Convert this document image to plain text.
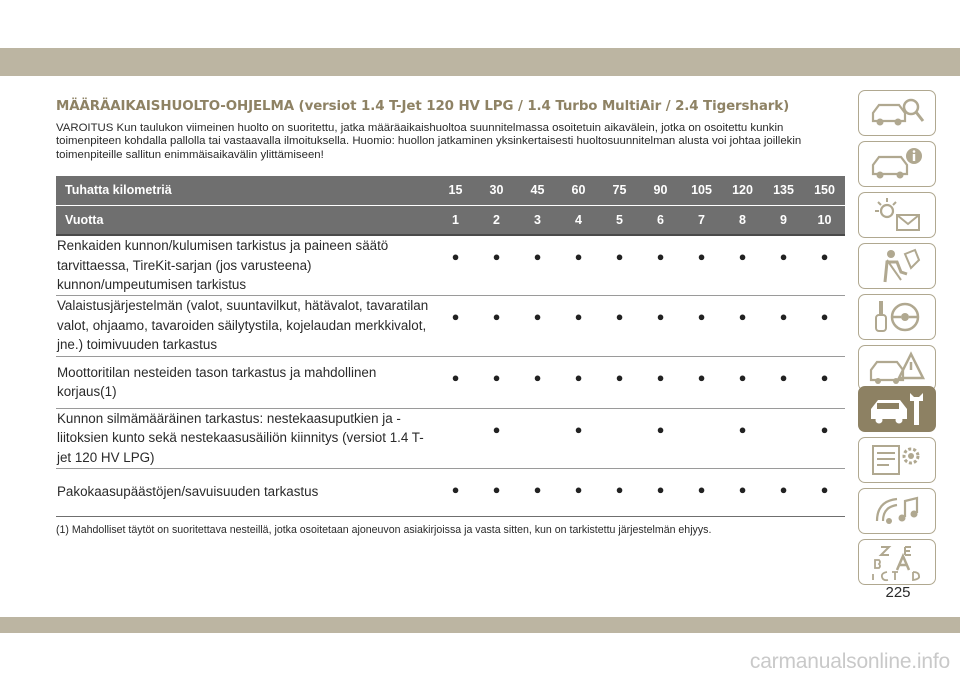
MÄÄRÄAIKAISHUOLTO-OHJELMA (versiot 1.4 T-Jet 120 HV LPG / 1.4 Turbo MultiAir / 2.4 Tigershark)
VAROITUS Kun taulukon viimeinen huolto on suoritettu, jatka määräaikaishuoltoa suunnitelmassa osoitetuin aikavälein, jotka on osoitettu kunkin toimenpiteen kohdalla pallolla tai vastaavalla ilmoituksella. Huomio: huollon jatkaminen yksinkertaisesti huoltosuunnitelman alusta voi johtaa joillekin toimenpiteille sallitun enimmäisaikavälin ylittämiseen!
Tuhatta kilometriä	15	30	45	60	75	90	105	120	135	150
Vuotta	1	2	3	4	5	6	7	8	9	10
Renkaiden kunnon/kulumisen tarkistus ja paineen säätö tarvittaessa, TireKit-sarjan (jos varusteena) kunnon/umpeutumisen tarkistus	●	●	●	●	●	●	●	●	●	●
Valaistusjärjestelmän (valot, suuntavilkut, hätävalot, tavaratilan valot, ohjaamo, tavaroiden säilytystila, kojelaudan merkkivalot, jne.) toimivuuden tarkastus	●	●	●	●	●	●	●	●	●	●
Moottoritilan nesteiden tason tarkastus ja mahdollinen korjaus(1)	●	●	●	●	●	●	●	●	●	●
Kunnon silmämääräinen tarkastus: nestekaasuputkien ja -liitoksien kunto sekä nestekaasusäiliön kiinnitys (versiot 1.4 T-jet 120 HV LPG)		●		●		●		●		●
Pakokaasupäästöjen/savuisuuden tarkastus	●	●	●	●	●	●	●	●	●	●
(1) Mahdolliset täytöt on suoritettava nesteillä, jotka osoitetaan ajoneuvon asiakirjoissa ja vasta sitten, kun on tarkistettu järjestelmän ehjyys.
225
carmanualsonline.info
